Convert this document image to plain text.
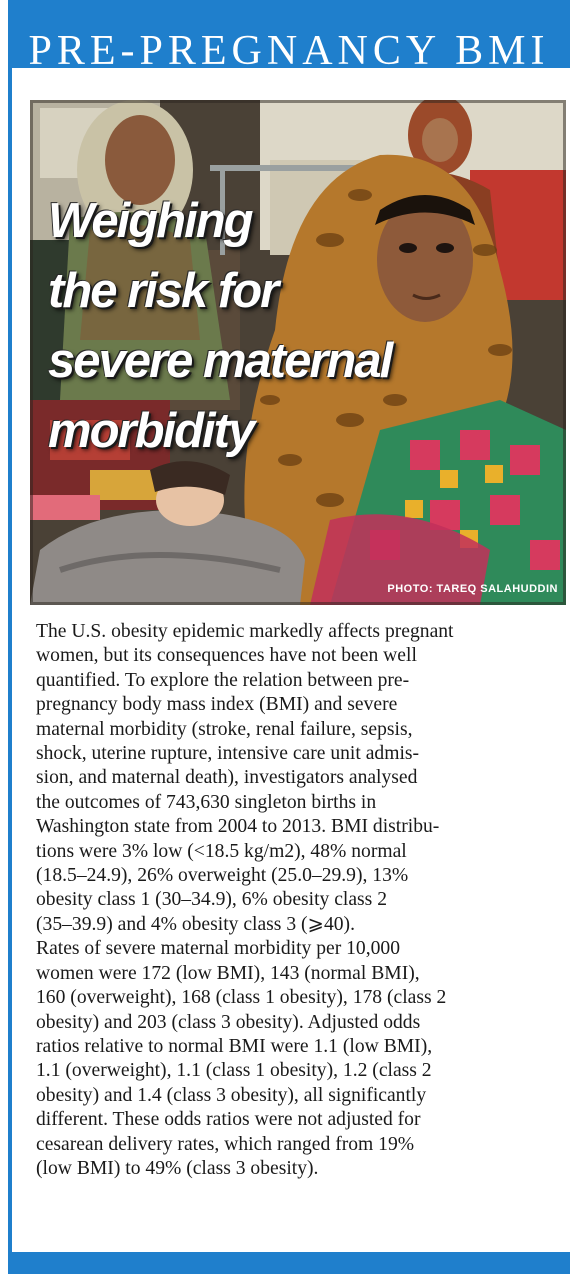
PRE-PREGNANCY BMI
Weighing
the risk for
severe maternal
morbidity
PHOTO: TAREQ SALAHUDDIN

The U.S. obesity epidemic markedly affects pregnant
women, but its consequences have not been well
quantified. To explore the relation between pre-
pregnancy body mass index (BMI) and severe
maternal morbidity (stroke, renal failure, sepsis,
shock, uterine rupture, intensive care unit admis-
sion, and maternal death), investigators analysed
the outcomes of 743,630 singleton births in
Washington state from 2004 to 2013. BMI distribu-
tions were 3% low (<18.5 kg/m2), 48% normal
(18.5–24.9), 26% overweight (25.0–29.9), 13%
obesity class 1 (30–34.9), 6% obesity class 2
(35–39.9) and 4% obesity class 3 (⩾40).

Rates of severe maternal morbidity per 10,000
women were 172 (low BMI), 143 (normal BMI),
160 (overweight), 168 (class 1 obesity), 178 (class 2
obesity) and 203 (class 3 obesity). Adjusted odds
ratios relative to normal BMI were 1.1 (low BMI),
1.1 (overweight), 1.1 (class 1 obesity), 1.2 (class 2
obesity) and 1.4 (class 3 obesity), all significantly
different. These odds ratios were not adjusted for
cesarean delivery rates, which ranged from 19%
(low BMI) to 49% (class 3 obesity).
